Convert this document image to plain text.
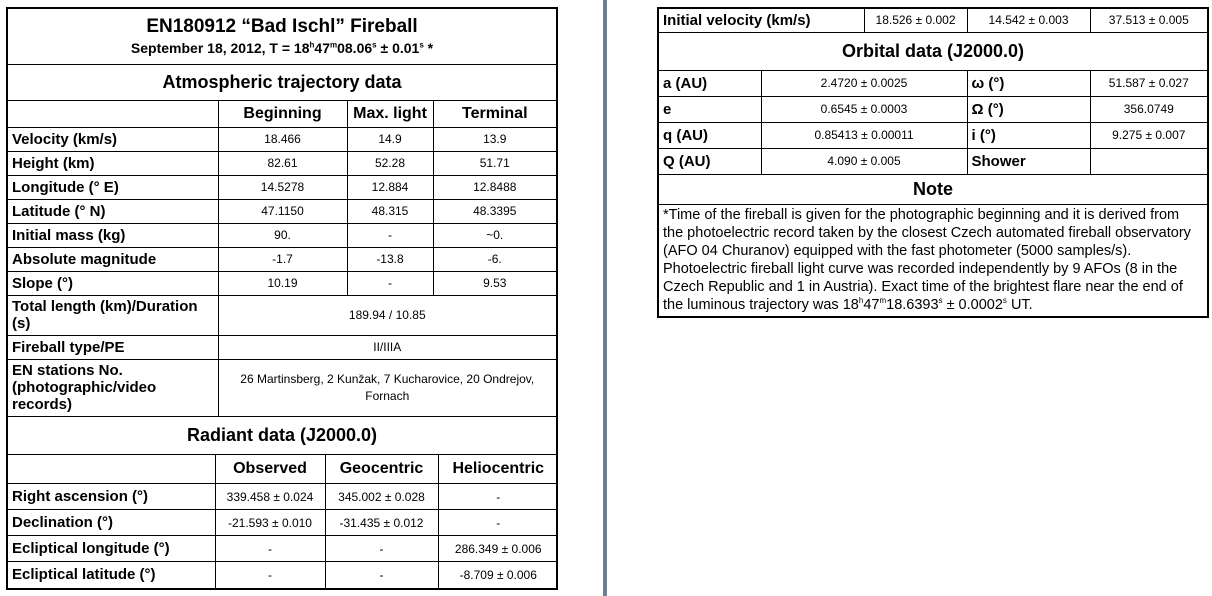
EN180912 “Bad Ischl” Fireball
September 18, 2012, $T = 18^h47^m08.06^s \pm 0.01^s$ *

Atmospheric trajectory data
	Beginning	Max. light	Terminal
Velocity (km/s)	18.466	14.9	13.9
Height (km)	82.61	52.28	51.71
Longitude (° E)	14.5278	12.884	12.8488
Latitude (° N)	47.1150	48.315	48.3395
Initial mass (kg)	90.	-	~0.
Absolute magnitude	-1.7	-13.8	-6.
Slope (°)	10.19	-	9.53
Total length (km)/Duration (s)	189.94 / 10.85
Fireball type/PE	II/IIIA
EN stations No. (photographic/video records)	26 Martinsberg, 2 Kunžak, 7 Kucharovice, 20 Ondrejov, Fornach
Radiant data (J2000.0)

	Observed	Geocentric	Heliocentric
Right ascension (°)	339.458 ± 0.024	345.002 ± 0.028	-
Declination (°)	-21.593 ± 0.010	-31.435 ± 0.012	-
Ecliptical longitude (°)	-	-	286.349 ± 0.006
Ecliptical latitude (°)	-	-	-8.709 ± 0.006
Initial velocity (km/s)		18.526 ± 0.002	14.542 ± 0.003	37.513 ± 0.005
Orbital data (J2000.0)				
a (AU)	2.4720 ± 0.0025		ω (°)	51.587 ± 0.027
e	0.6545 ± 0.0003		Ω (°)	356.0749
q (AU)	0.85413 ± 0.00011		i (°)	9.275 ± 0.007
Q (AU)	4.090 ± 0.005		Shower	
Note				
*Time of the fireball is given for the photographic beginning and it is derived from the photoelectric record taken by the closest Czech automated fireball observatory (AFO 04 Churanov) equipped with the fast photometer (5000 samples/s). Photoelectric fireball light curve was recorded independently by 9 AFOs (8 in the Czech Republic and 1 in Austria). Exact time of the brightest flare near the end of the luminous trajectory was $18^h47^m18.6393^s \pm 0.0002^s$ UT.				
